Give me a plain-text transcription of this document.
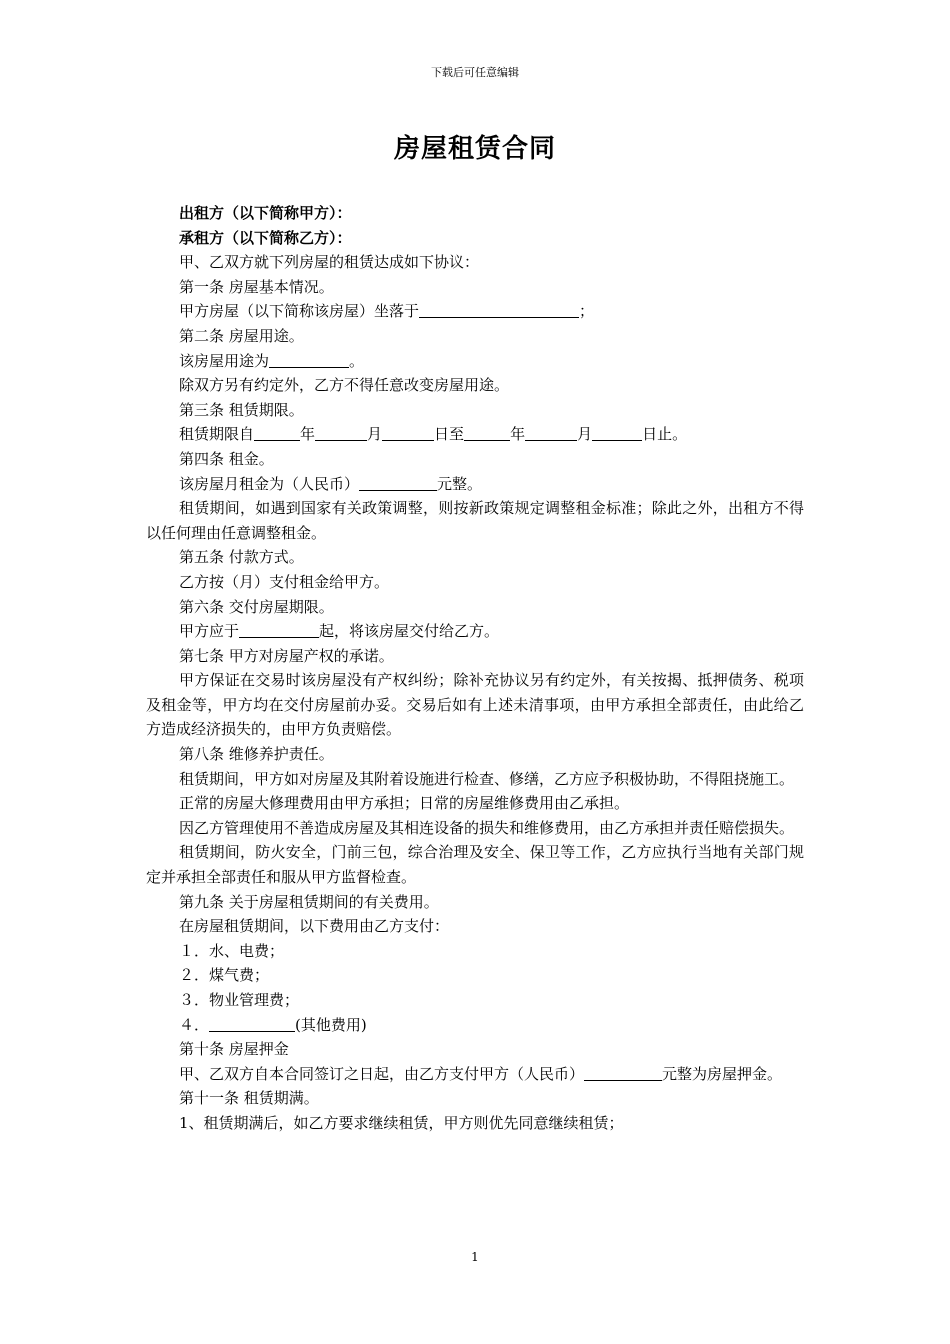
下载后可任意编辑
房屋租赁合同

出租方（以下简称甲方）：

承租方（以下简称乙方）：

甲、乙双方就下列房屋的租赁达成如下协议：

第一条 房屋基本情况。

甲方房屋（以下简称该房屋）坐落于	；

第二条 房屋用途。

该房屋用途为	。

除双方另有约定外，乙方不得任意改变房屋用途。

第三条 租赁期限。

租赁期限自	年	月	日至	年	月	日止。

第四条 租金。

该房屋月租金为（人民币）	元整。

租赁期间，如遇到国家有关政策调整，则按新政策规定调整租金标准；除此之外，出租方不得以任何理由任意调整租金。

第五条 付款方式。

乙方按（月）支付租金给甲方。

第六条 交付房屋期限。

甲方应于	起，将该房屋交付给乙方。

第七条 甲方对房屋产权的承诺。

甲方保证在交易时该房屋没有产权纠纷；除补充协议另有约定外，有关按揭、抵押债务、税项及租金等，甲方均在交付房屋前办妥。交易后如有上述未清事项，由甲方承担全部责任，由此给乙方造成经济损失的，由甲方负责赔偿。

第八条 维修养护责任。

租赁期间，甲方如对房屋及其附着设施进行检查、修缮，乙方应予积极协助，不得阻挠施工。

正常的房屋大修理费用由甲方承担；日常的房屋维修费用由乙承担。

因乙方管理使用不善造成房屋及其相连设备的损失和维修费用，由乙方承担并责任赔偿损失。

租赁期间，防火安全，门前三包，综合治理及安全、保卫等工作，乙方应执行当地有关部门规定并承担全部责任和服从甲方监督检查。

第九条 关于房屋租赁期间的有关费用。

在房屋租赁期间，以下费用由乙方支付：

１．水、电费；

２．煤气费；

３．物业管理费；

４．	(其他费用)

第十条 房屋押金

甲、乙双方自本合同签订之日起，由乙方支付甲方（人民币）	元整为房屋押金。

第十一条 租赁期满。

1、租赁期满后，如乙方要求继续租赁，甲方则优先同意继续租赁；

1
